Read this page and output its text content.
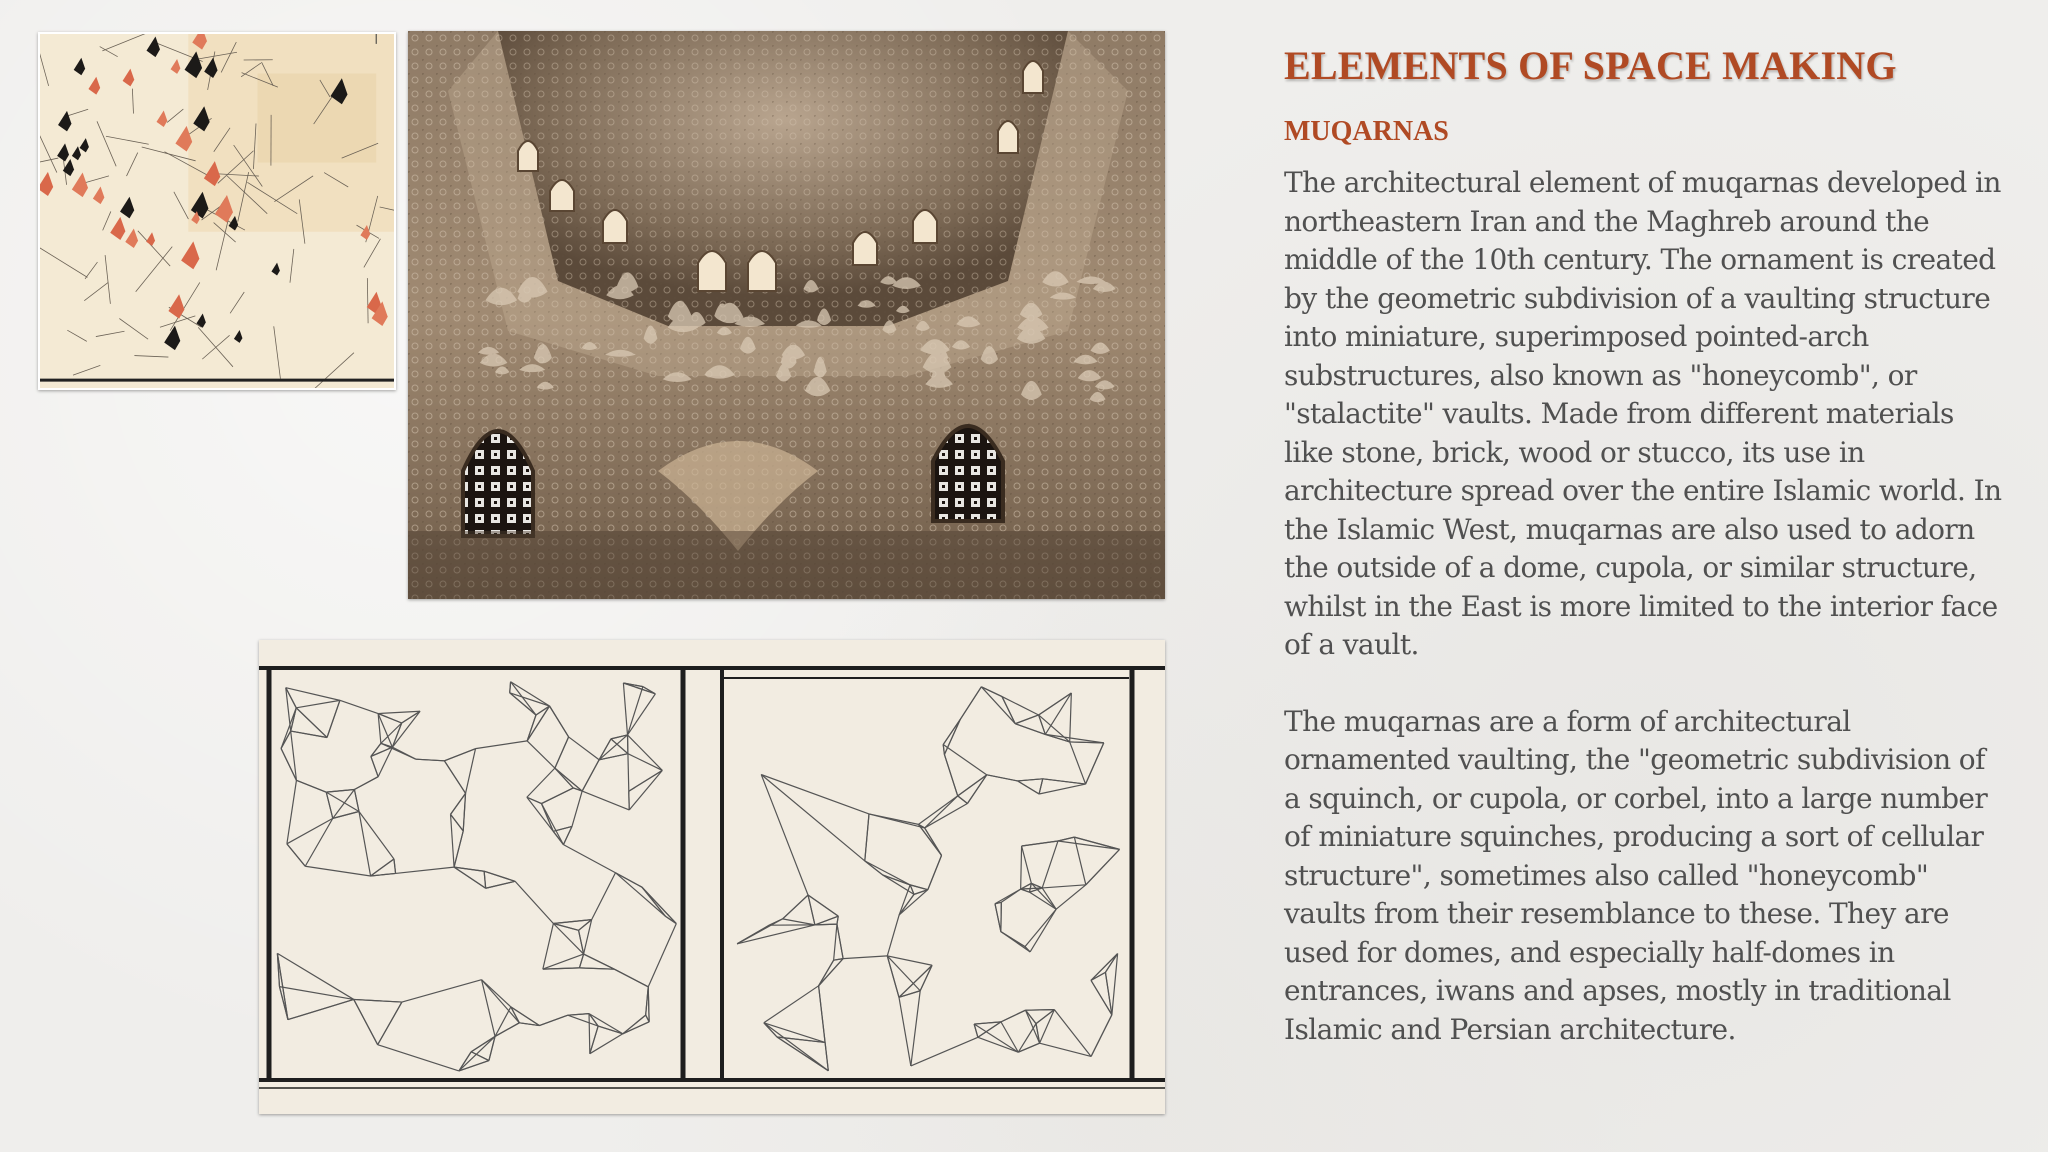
ELEMENTS OF SPACE MAKING
MUQARNAS

The architectural element of muqarnas developed in northeastern Iran and the Maghreb around the middle of the 10th century. The ornament is created by the geometric subdivision of a vaulting structure into miniature, superimposed pointed-arch substructures, also known as "honeycomb", or "stalactite" vaults. Made from different materials like stone, brick, wood or stucco, its use in architecture spread over the entire Islamic world. In the Islamic West, muqarnas are also used to adorn the outside of a dome, cupola, or similar structure, whilst in the East is more limited to the interior face of a vault.

The muqarnas are a form of architectural ornamented vaulting, the "geometric subdivision of a squinch, or cupola, or corbel, into a large number of miniature squinches, producing a sort of cellular structure", sometimes also called "honeycomb" vaults from their resemblance to these. They are used for domes, and especially half-domes in entrances, iwans and apses, mostly in traditional Islamic and Persian architecture.
